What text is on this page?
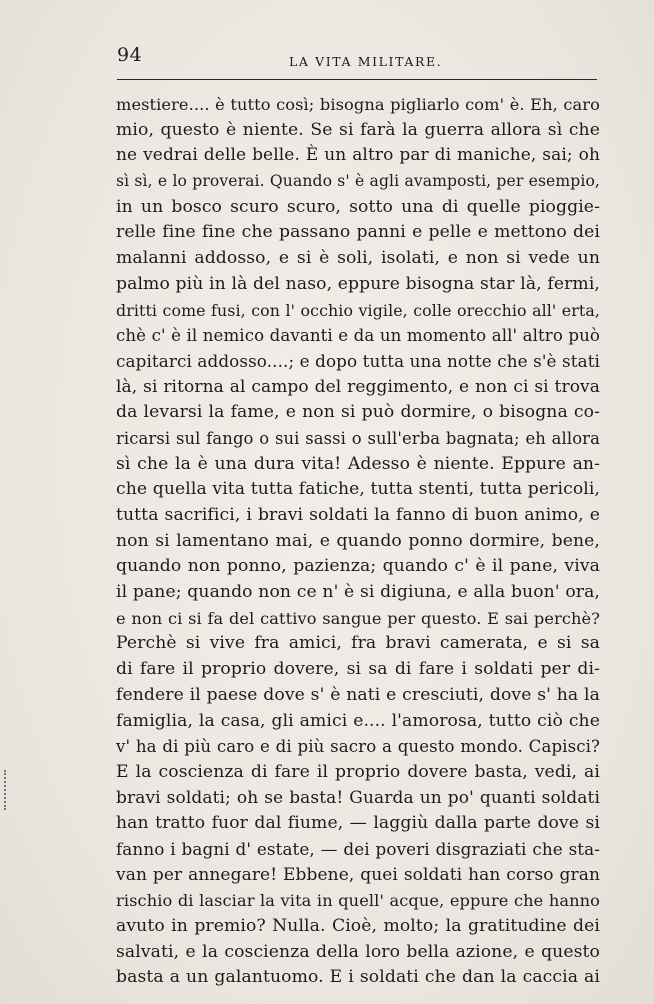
94	LA VITA MILITARE.
mestiere.... è tutto così; bisogna pigliarlo com' è. Eh, caro
mio, questo è niente. Se si farà la guerra allora sì che
ne vedrai delle belle. È un altro par di maniche, sai; oh
sì sì, e lo proverai. Quando s' è agli avamposti, per esempio,
in un bosco scuro scuro, sotto una di quelle pioggie-
relle fine fine che passano panni e pelle e mettono dei
malanni addosso, e si è soli, isolati, e non si vede un
palmo più in là del naso, eppure bisogna star là, fermi,
dritti come fusi, con l' occhio vigile, colle orecchio all' erta,
chè c' è il nemico davanti e da un momento all' altro può
capitarci addosso....; e dopo tutta una notte che s'è stati
là, si ritorna al campo del reggimento, e non ci si trova
da levarsi la fame, e non si può dormire, o bisogna co-
ricarsi sul fango o sui sassi o sull'erba bagnata; eh allora
sì che la è una dura vita! Adesso è niente. Eppure an-
che quella vita tutta fatiche, tutta stenti, tutta pericoli,
tutta sacrifici, i bravi soldati la fanno di buon animo, e
non si lamentano mai, e quando ponno dormire, bene,
quando non ponno, pazienza; quando c' è il pane, viva
il pane; quando non ce n' è si digiuna, e alla buon' ora,
e non ci si fa del cattivo sangue per questo. E sai perchè?
Perchè si vive fra amici, fra bravi camerata, e si sa
di fare il proprio dovere, si sa di fare i soldati per di-
fendere il paese dove s' è nati e cresciuti, dove s' ha la
famiglia, la casa, gli amici e.... l'amorosa, tutto ciò che
v' ha di più caro e di più sacro a questo mondo. Capisci?
E la coscienza di fare il proprio dovere basta, vedi, ai
bravi soldati; oh se basta! Guarda un po' quanti soldati
han tratto fuor dal fiume, — laggiù dalla parte dove si
fanno i bagni d' estate, — dei poveri disgraziati che sta-
van per annegare! Ebbene, quei soldati han corso gran
rischio di lasciar la vita in quell' acque, eppure che hanno
avuto in premio? Nulla. Cioè, molto; la gratitudine dei
salvati, e la coscienza della loro bella azione, e questo
basta a un galantuomo. E i soldati che dan la caccia ai
